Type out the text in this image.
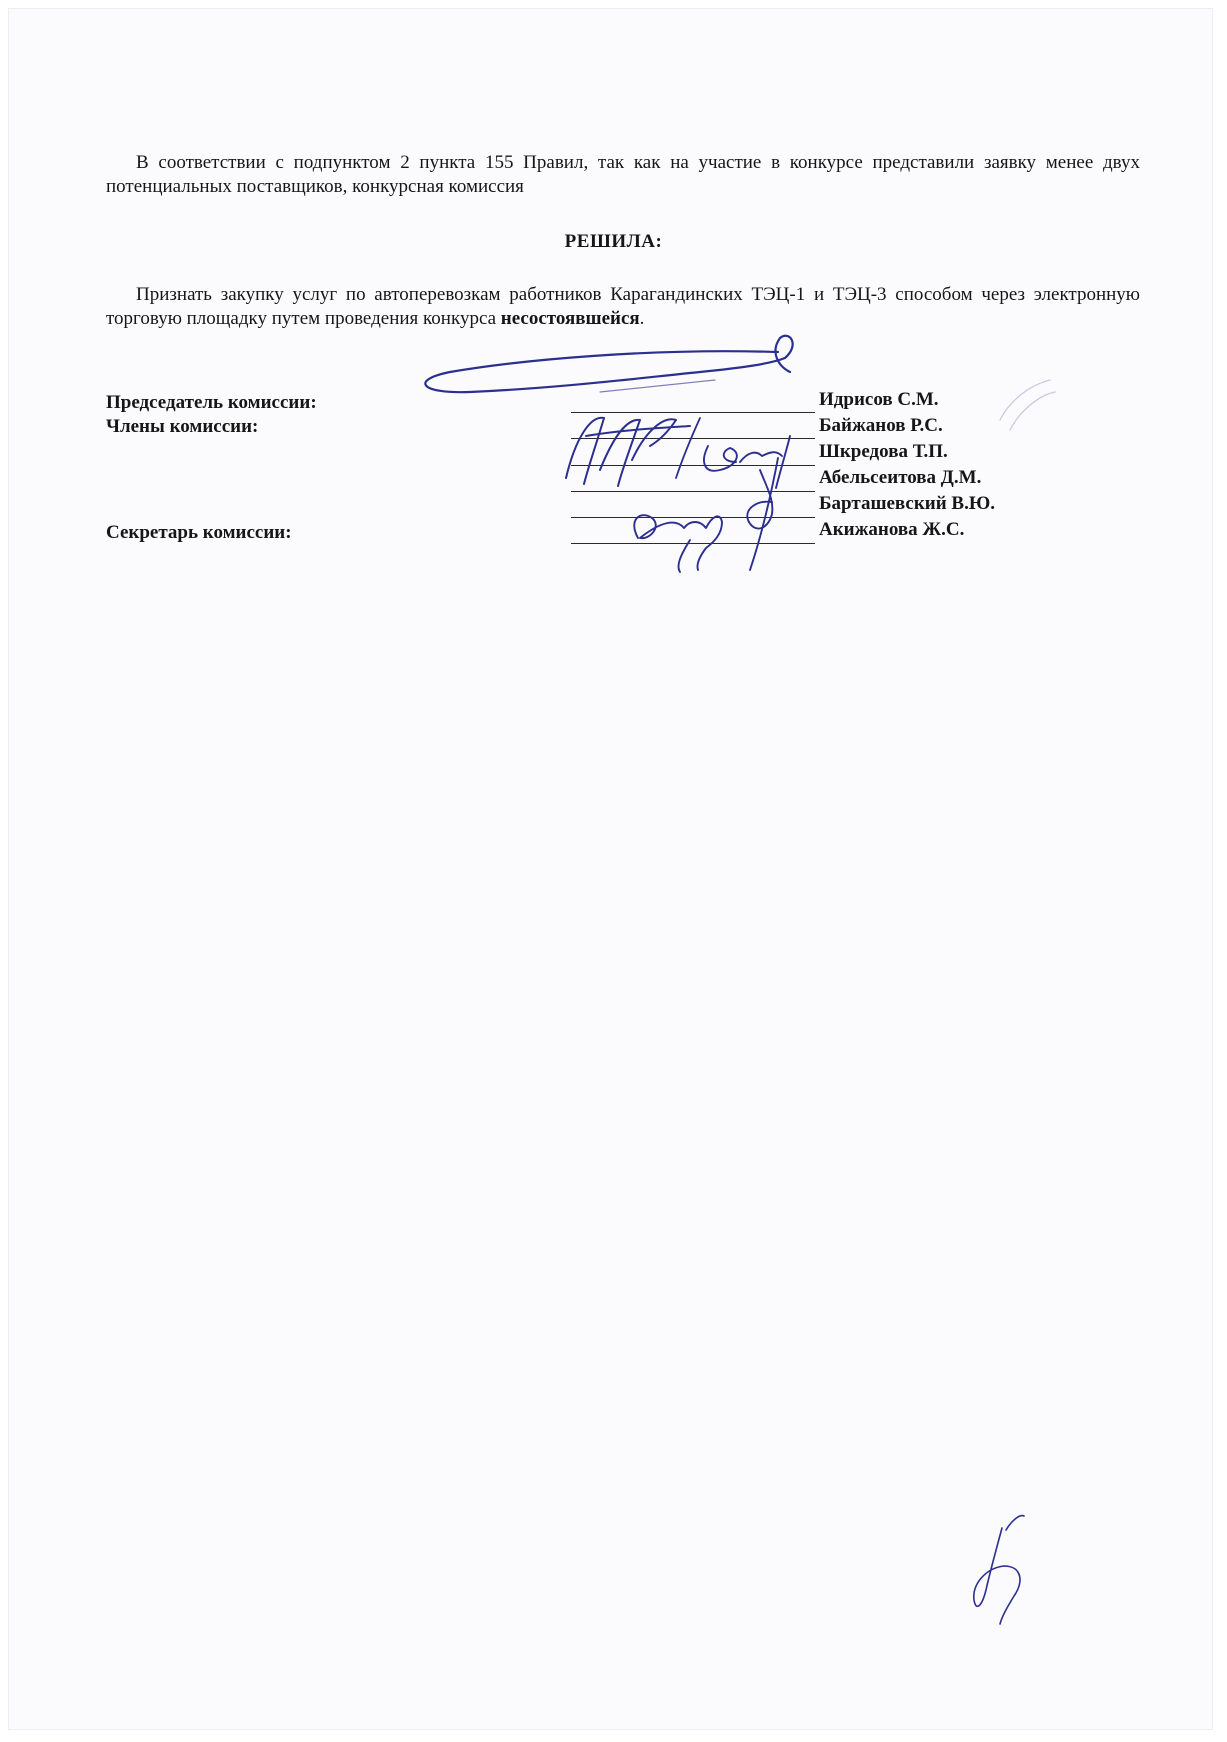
В соответствии с подпунктом 2 пункта 155 Правил, так как на участие в конкурсе представили заявку менее двух потенциальных поставщиков, конкурсная комиссия

РЕШИЛА:

Признать закупку услуг по автоперевозкам работников Карагандинских ТЭЦ-1 и ТЭЦ-3 способом через электронную торговую площадку путем проведения конкурса несостоявшейся.

Председатель комиссии:

Члены комиссии:

Секретарь комиссии:

Идрисов С.М.

Байжанов Р.С.

Шкредова Т.П.

Абельсеитова Д.М.

Барташевский В.Ю.

Акижанова Ж.С.
